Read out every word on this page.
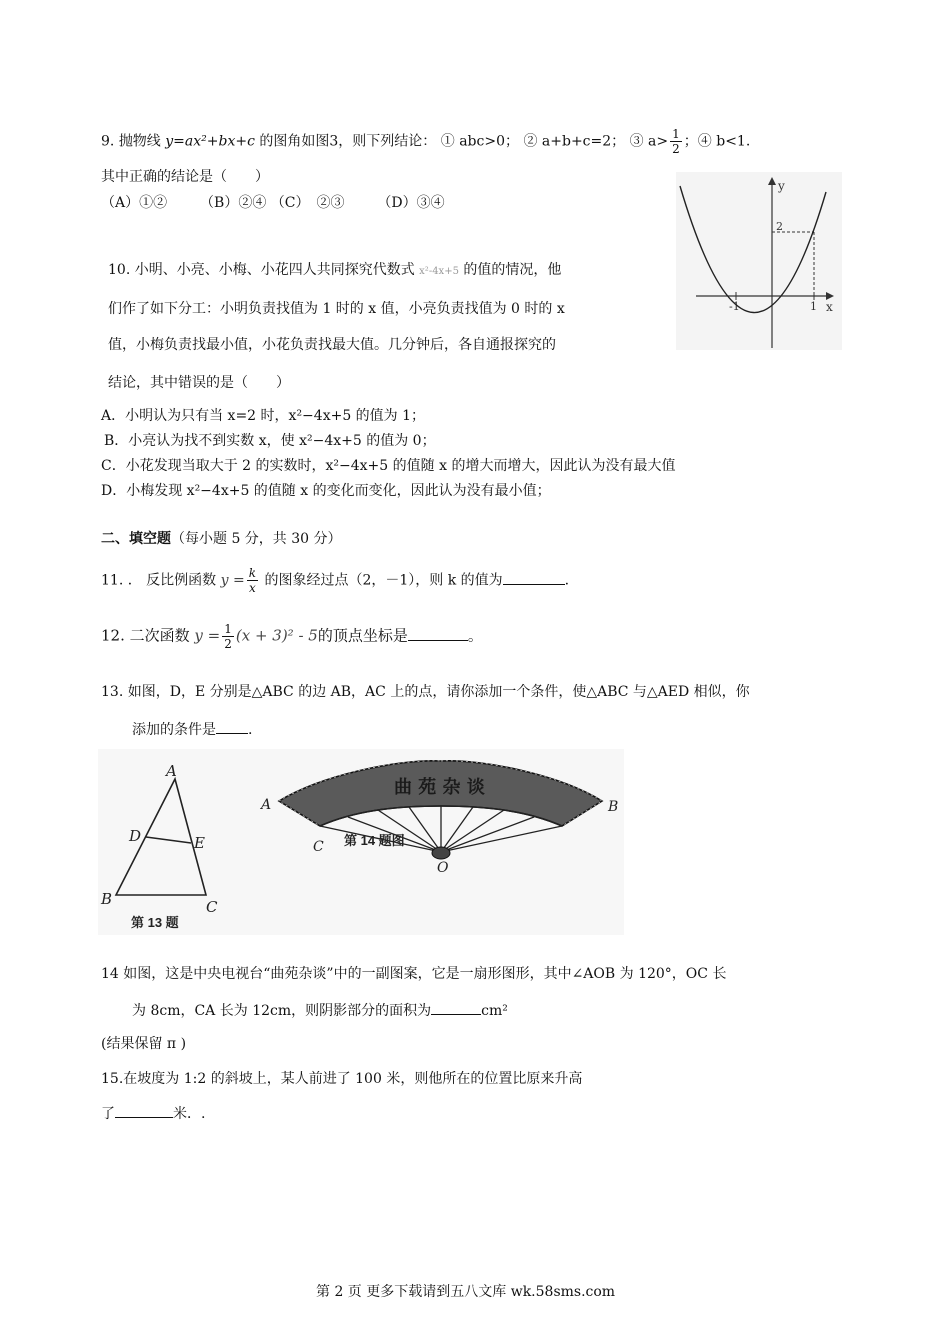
9. 抛物线 y=ax²+bx+c 的图角如图3，则下列结论： ① abc>0； ② a+b+c=2； ③ $a> \frac{1}{2}$ ；④ b<1.
其中正确的结论是（　　）
（A）①② （B）②④ （C）　②③ （D）③④
y
x
-1	1
2
10. 小明、小亮、小梅、小花四人共同探究代数式 x²-4x+5 的值的情况，他
们作了如下分工：小明负责找值为 1 时的 x 值，小亮负责找值为 0 时的 x
值，小梅负责找最小值，小花负责找最大值。几分钟后，各自通报探究的
结论，其中错误的是（　　）
A．小明认为只有当 x=2 时，x²−4x+5 的值为 1；
B．小亮认为找不到实数 x，使 x²−4x+5 的值为 0；
C．小花发现当取大于 2 的实数时，x²−4x+5 的值随 x 的增大而增大，因此认为没有最大值
D．小梅发现 x²−4x+5 的值随 x 的变化而变化，因此认为没有最小值；
二、填空题（每小题 5 分，共 30 分）
11. ． 反比例函数 $y = \frac{k}{x}$ 的图象经过点（2，－1），则 k 的值为	.
12. 二次函数 $y = \frac{1}{2} (x + 3)^2 - 5$的顶点坐标是	。
13. 如图，D，E 分别是△ABC 的边 AB，AC 上的点，请你添加一个条件，使△ABC 与△AED 相似，你
添加的条件是 .
A
D	E
B	C
第 13 题
第 14 题图
曲 苑 杂 谈
A	B
C
O
14 如图，这是中央电视台“曲苑杂谈”中的一副图案，它是一扇形图形，其中∠AOB 为 120°，OC 长
为 8cm，CA 长为 12cm，则阴影部分的面积为	cm²
(结果保留 π )
15.在坡度为 1:2 的斜坡上，某人前进了 100 米，则他所在的位置比原来升高
了	米．.
第 2 页 更多下载请到五八文库 wk.58sms.com
